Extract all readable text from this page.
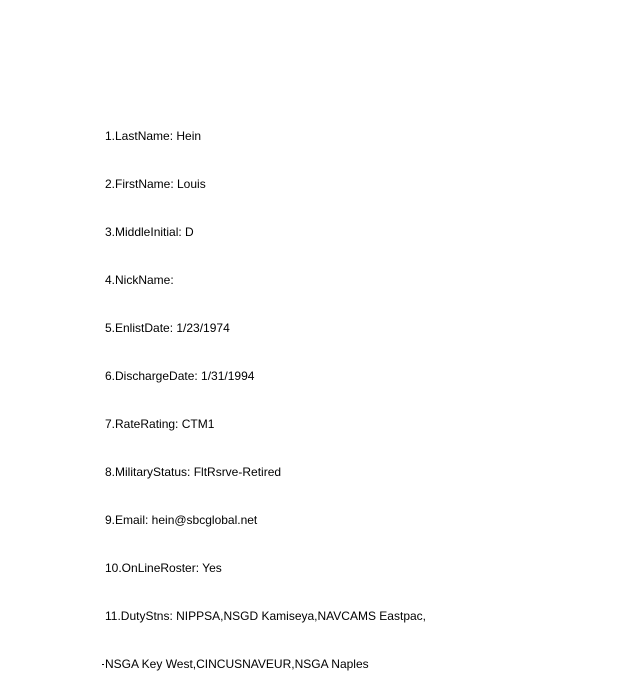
1.LastName: Hein

2.FirstName: Louis

3.MiddleInitial: D

4.NickName:

5.EnlistDate: 1/23/1974

6.DischargeDate: 1/31/1994

7.RateRating: CTM1

8.MilitaryStatus: FltRsrve-Retired

9.Email: hein@sbcglobal.net

10.OnLineRoster: Yes

11.DutyStns: NIPPSA,NSGD Kamiseya,NAVCAMS Eastpac,

NSGA Key West,CINCUSNAVEUR,NSGA Naples
